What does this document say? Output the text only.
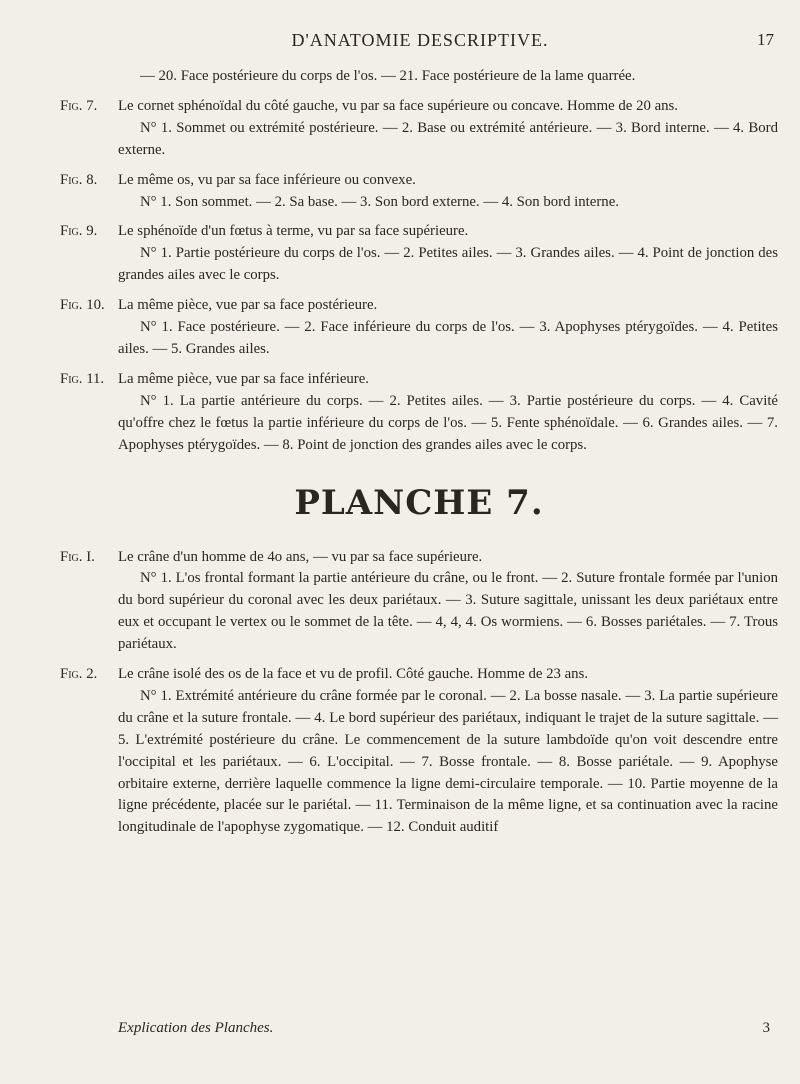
D'ANATOMIE DESCRIPTIVE.	17

— 20. Face postérieure du corps de l'os. — 21. Face postérieure de la lame quarrée.

Fig. 7. Le cornet sphénoïdal du côté gauche, vu par sa face supérieure ou concave. Homme de 20 ans.

N° 1. Sommet ou extrémité postérieure. — 2. Base ou extrémité antérieure. — 3. Bord interne. — 4. Bord externe.

Fig. 8. Le même os, vu par sa face inférieure ou convexe.

N° 1. Son sommet. — 2. Sa base. — 3. Son bord externe. — 4. Son bord interne.

Fig. 9. Le sphénoïde d'un fœtus à terme, vu par sa face supérieure.

N° 1. Partie postérieure du corps de l'os. — 2. Petites ailes. — 3. Grandes ailes. — 4. Point de jonction des grandes ailes avec le corps.

Fig. 10. La même pièce, vue par sa face postérieure.

N° 1. Face postérieure. — 2. Face inférieure du corps de l'os. — 3. Apophyses ptérygoïdes. — 4. Petites ailes. — 5. Grandes ailes.

Fig. 11. La même pièce, vue par sa face inférieure.

N° 1. La partie antérieure du corps. — 2. Petites ailes. — 3. Partie postérieure du corps. — 4. Cavité qu'offre chez le fœtus la partie inférieure du corps de l'os. — 5. Fente sphénoïdale. — 6. Grandes ailes. — 7. Apophyses ptérygoïdes. — 8. Point de jonction des grandes ailes avec le corps.

PLANCHE 7.
Fig. I. Le crâne d'un homme de 4o ans, — vu par sa face supérieure.

N° 1. L'os frontal formant la partie antérieure du crâne, ou le front. — 2. Suture frontale formée par l'union du bord supérieur du coronal avec les deux pariétaux. — 3. Suture sagittale, unissant les deux pariétaux entre eux et occupant le vertex ou le sommet de la tête. — 4, 4, 4. Os wormiens. — 6. Bosses pariétales. — 7. Trous pariétaux.

Fig. 2. Le crâne isolé des os de la face et vu de profil. Côté gauche. Homme de 23 ans.

N° 1. Extrémité antérieure du crâne formée par le coronal. — 2. La bosse nasale. — 3. La partie supérieure du crâne et la suture frontale. — 4. Le bord supérieur des pariétaux, indiquant le trajet de la suture sagittale. — 5. L'extrémité postérieure du crâne. Le commencement de la suture lambdoïde qu'on voit descendre entre l'occipital et les pariétaux. — 6. L'occipital. — 7. Bosse frontale. — 8. Bosse pariétale. — 9. Apophyse orbitaire externe, derrière laquelle commence la ligne demi-circulaire temporale. — 10. Partie moyenne de la ligne précédente, placée sur le pariétal. — 11. Terminaison de la même ligne, et sa continuation avec la racine longitudinale de l'apophyse zygomatique. — 12. Conduit auditif

Explication des Planches.	3
